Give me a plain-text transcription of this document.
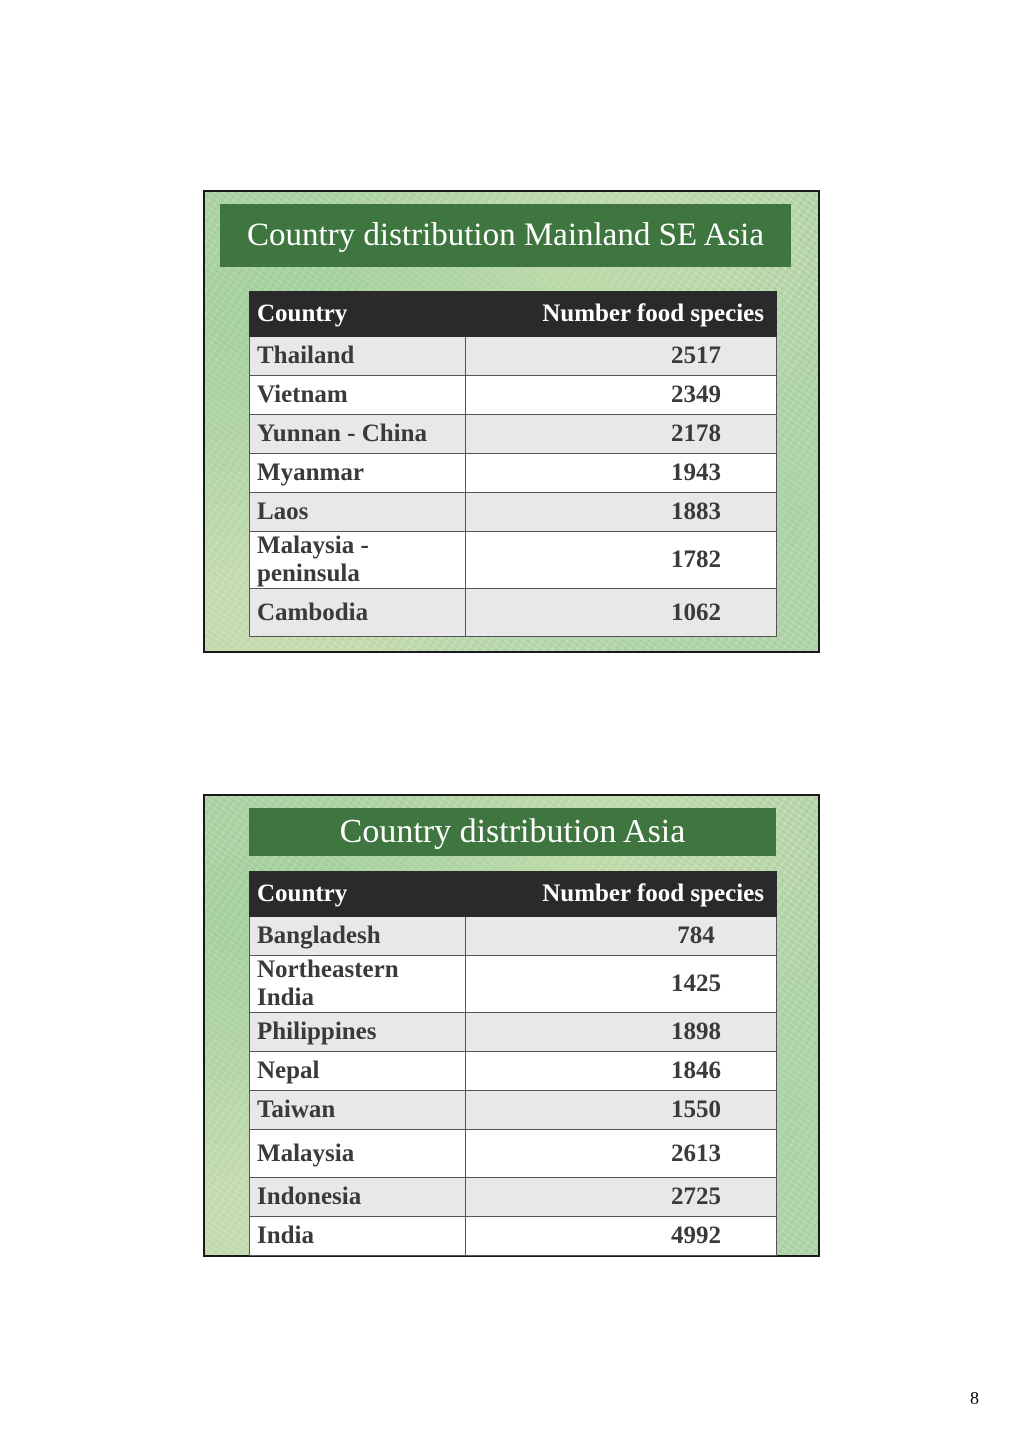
Country distribution Mainland SE Asia
Country	Number food species
Thailand	2517
Vietnam	2349
Yunnan - China	2178
Myanmar	1943
Laos	1883
Malaysia - peninsula	1782
Cambodia	1062
Country distribution Asia
Country	Number food species
Bangladesh	784
Northeastern India	1425
Philippines	1898
Nepal	1846
Taiwan	1550
Malaysia	2613
Indonesia	2725
India	4992
8
